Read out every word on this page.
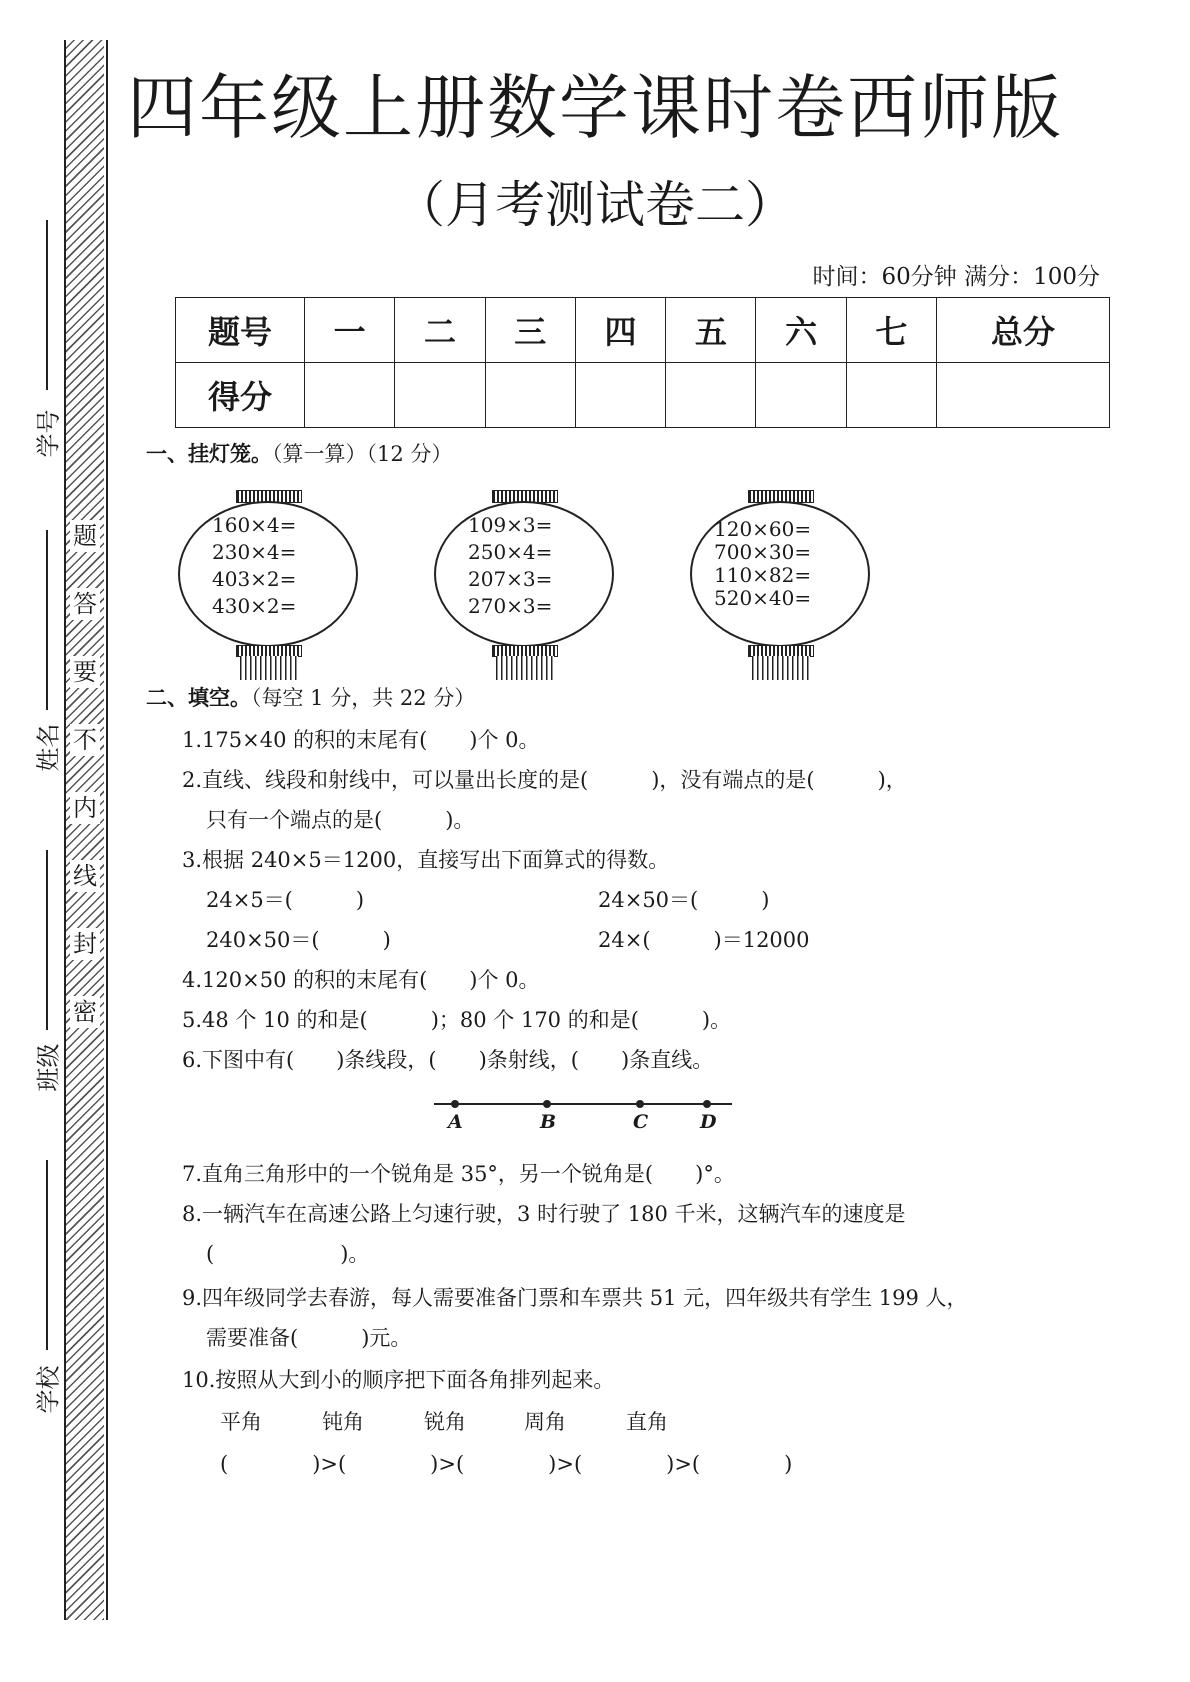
题
答
要
不
内
线
封
密
学号
姓名
班级
学校
四年级上册数学课时卷西师版
（月考测试卷二）
时间：60分钟 满分：100分
题号	一	二	三	四	五	六	七	总分
得分								
一、挂灯笼。（算一算）（12 分）
160×4=
230×4=
403×2=
430×2=
109×3=
250×4=
207×3=
270×3=
120×60=
700×30=
110×82=
520×40=
二、填空。（每空 1 分，共 22 分）
1.175×40 的积的末尾有(　　)个 0。
2.直线、线段和射线中，可以量出长度的是(　　　)，没有端点的是(　　　)，
只有一个端点的是(　　　)。
3.根据 240×5＝1200，直接写出下面算式的得数。
24×5＝(　　　)	24×50＝(　　　)
240×50＝(　　　)	24×(　　　)＝12000
4.120×50 的积的末尾有(　　)个 0。
5.48 个 10 的和是(　　　)；80 个 170 的和是(　　　)。
6.下图中有(　　)条线段，(　　)条射线，(　　)条直线。
A	B	C	D
7.直角三角形中的一个锐角是 35°，另一个锐角是(　　)°。
8.一辆汽车在高速公路上匀速行驶，3 时行驶了 180 千米，这辆汽车的速度是
(　　　　　　)。
9.四年级同学去春游，每人需要准备门票和车票共 51 元，四年级共有学生 199 人，
需要准备(　　　)元。
10.按照从大到小的顺序把下面各角排列起来。
平角	钝角	锐角	周角	直角
(　　　　)>(　　　　)>(　　　　)>(　　　　)>(　　　　)
